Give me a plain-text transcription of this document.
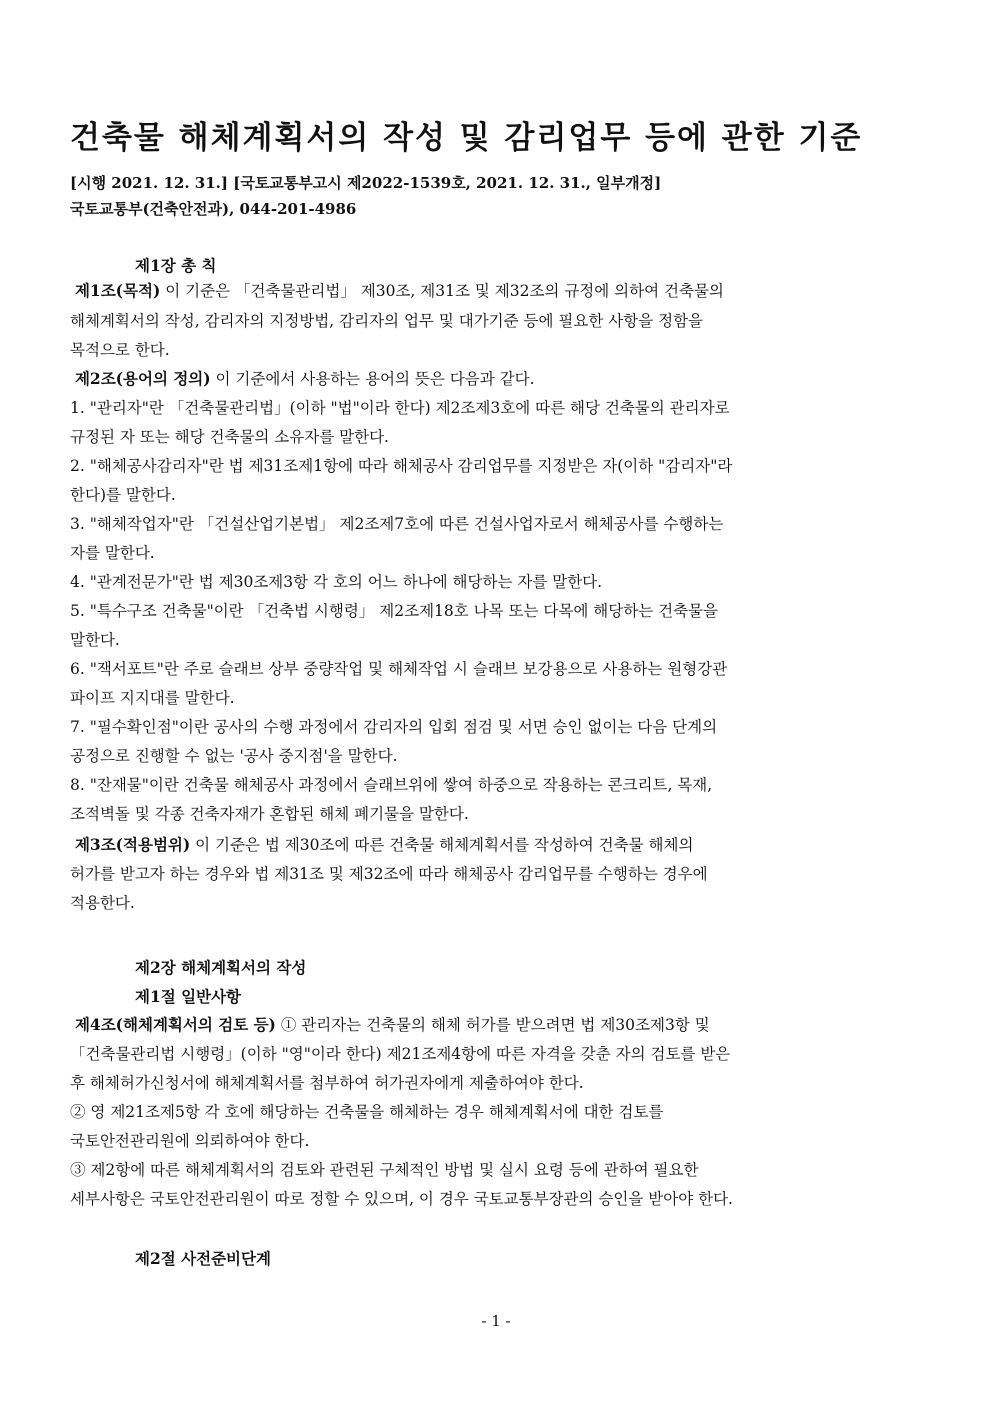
건축물 해체계획서의 작성 및 감리업무 등에 관한 기준
[시행 2021. 12. 31.] [국토교통부고시 제2022-1539호, 2021. 12. 31., 일부개정]
국토교통부(건축안전과), 044-201-4986
제1장 총 칙
제1조(목적) 이 기준은 「건축물관리법」 제30조, 제31조 및 제32조의 규정에 의하여 건축물의
해체계획서의 작성, 감리자의 지정방법, 감리자의 업무 및 대가기준 등에 필요한 사항을 정함을
목적으로 한다.
제2조(용어의 정의) 이 기준에서 사용하는 용어의 뜻은 다음과 같다.
1. "관리자"란 「건축물관리법」(이하 "법"이라 한다) 제2조제3호에 따른 해당 건축물의 관리자로
규정된 자 또는 해당 건축물의 소유자를 말한다.
2. "해체공사감리자"란 법 제31조제1항에 따라 해체공사 감리업무를 지정받은 자(이하 "감리자"라
한다)를 말한다.
3. "해체작업자"란 「건설산업기본법」 제2조제7호에 따른 건설사업자로서 해체공사를 수행하는
자를 말한다.
4. "관계전문가"란 법 제30조제3항 각 호의 어느 하나에 해당하는 자를 말한다.
5. "특수구조 건축물"이란 「건축법 시행령」 제2조제18호 나목 또는 다목에 해당하는 건축물을
말한다.
6. "잭서포트"란 주로 슬래브 상부 중량작업 및 해체작업 시 슬래브 보강용으로 사용하는 원형강관
파이프 지지대를 말한다.
7. "필수확인점"이란 공사의 수행 과정에서 감리자의 입회 점검 및 서면 승인 없이는 다음 단계의
공정으로 진행할 수 없는 '공사 중지점'을 말한다.
8. "잔재물"이란 건축물 해체공사 과정에서 슬래브위에 쌓여 하중으로 작용하는 콘크리트, 목재,
조적벽돌 및 각종 건축자재가 혼합된 해체 폐기물을 말한다.
제3조(적용범위) 이 기준은 법 제30조에 따른 건축물 해체계획서를 작성하여 건축물 해체의
허가를 받고자 하는 경우와 법 제31조 및 제32조에 따라 해체공사 감리업무를 수행하는 경우에
적용한다.
제2장 해체계획서의 작성
제1절 일반사항
제4조(해체계획서의 검토 등) ① 관리자는 건축물의 해체 허가를 받으려면 법 제30조제3항 및
「건축물관리법 시행령」(이하 "영"이라 한다) 제21조제4항에 따른 자격을 갖춘 자의 검토를 받은
후 해체허가신청서에 해체계획서를 첨부하여 허가권자에게 제출하여야 한다.
② 영 제21조제5항 각 호에 해당하는 건축물을 해체하는 경우 해체계획서에 대한 검토를
국토안전관리원에 의뢰하여야 한다.
③ 제2항에 따른 해체계획서의 검토와 관련된 구체적인 방법 및 실시 요령 등에 관하여 필요한
세부사항은 국토안전관리원이 따로 정할 수 있으며, 이 경우 국토교통부장관의 승인을 받아야 한다.
제2절 사전준비단계
- 1 -
